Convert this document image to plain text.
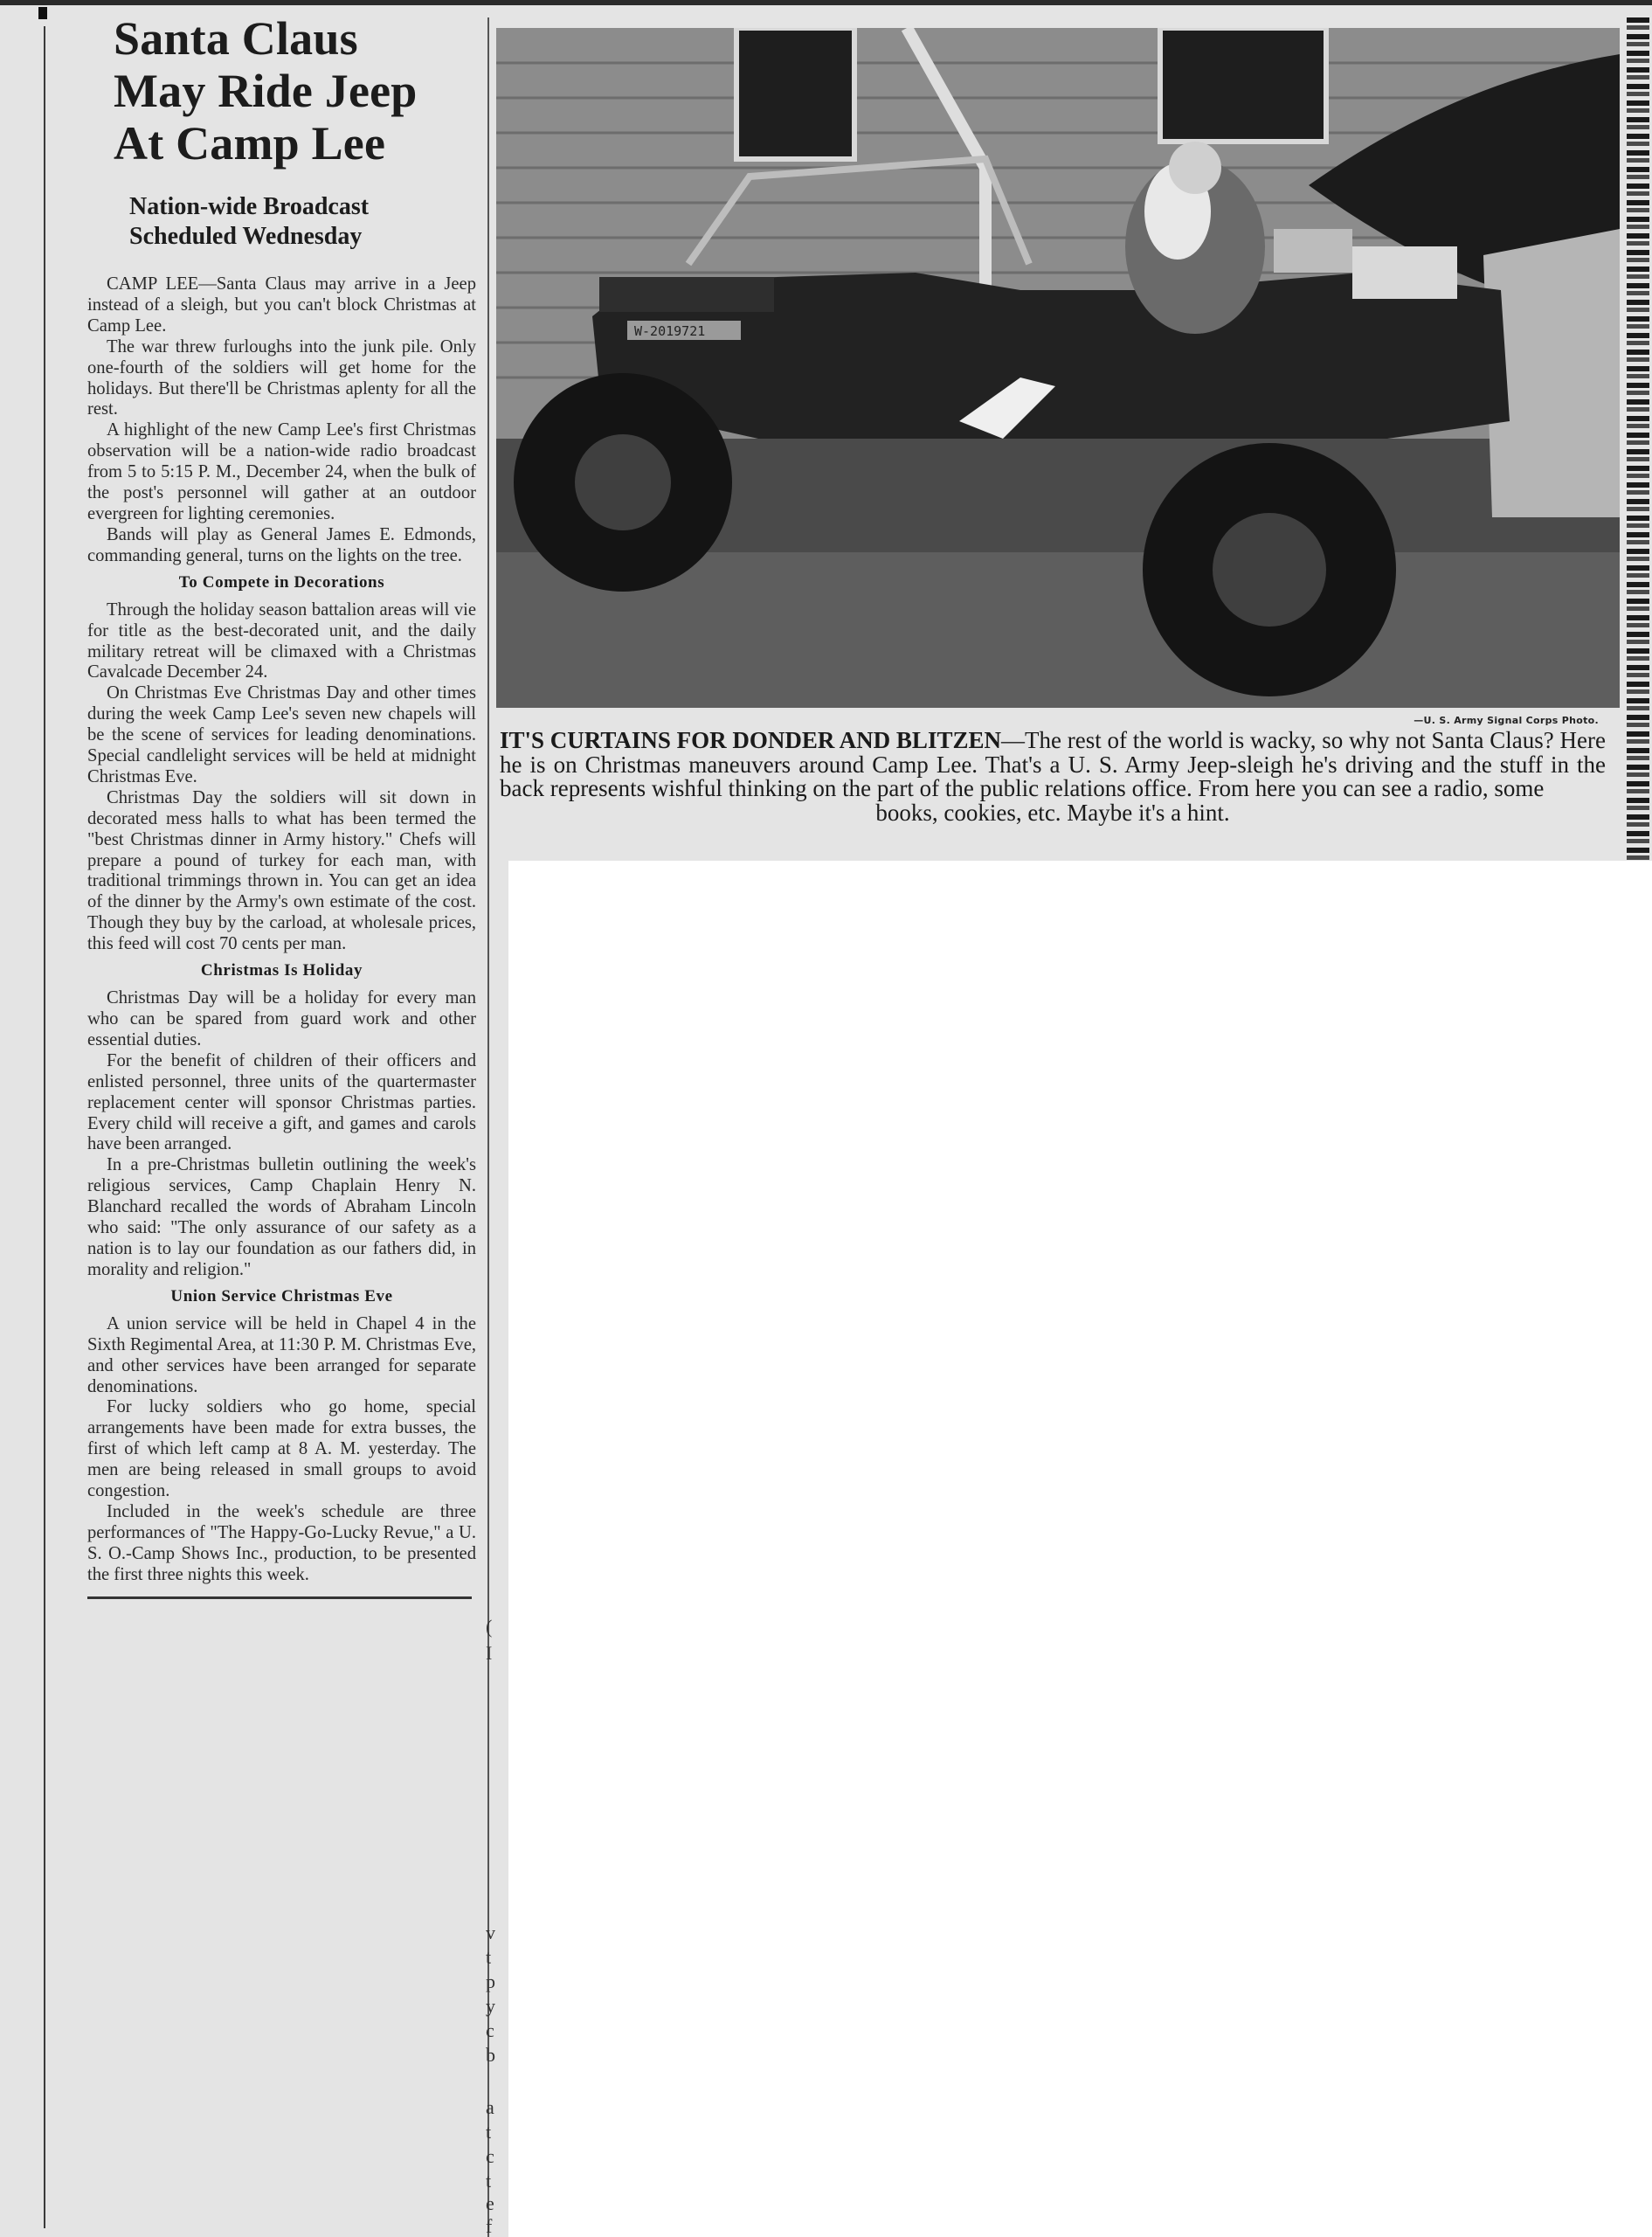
Santa Claus
May Ride Jeep
At Camp Lee
Nation-wide Broadcast
Scheduled Wednesday

CAMP LEE—Santa Claus may arrive in a Jeep instead of a sleigh, but you can't block Christmas at Camp Lee.

The war threw furloughs into the junk pile. Only one-fourth of the soldiers will get home for the holidays. But there'll be Christmas aplenty for all the rest.

A highlight of the new Camp Lee's first Christmas observation will be a nation-wide radio broadcast from 5 to 5:15 P. M., December 24, when the bulk of the post's personnel will gather at an outdoor evergreen for lighting ceremonies.

Bands will play as General James E. Edmonds, commanding general, turns on the lights on the tree.

To Compete in Decorations

Through the holiday season battalion areas will vie for title as the best-decorated unit, and the daily military retreat will be climaxed with a Christmas Cavalcade December 24.

On Christmas Eve Christmas Day and other times during the week Camp Lee's seven new chapels will be the scene of services for leading denominations. Special candlelight services will be held at midnight Christmas Eve.

Christmas Day the soldiers will sit down in decorated mess halls to what has been termed the "best Christmas dinner in Army history." Chefs will prepare a pound of turkey for each man, with traditional trimmings thrown in. You can get an idea of the dinner by the Army's own estimate of the cost. Though they buy by the carload, at wholesale prices, this feed will cost 70 cents per man.

Christmas Is Holiday

Christmas Day will be a holiday for every man who can be spared from guard work and other essential duties.

For the benefit of children of their officers and enlisted personnel, three units of the quartermaster replacement center will sponsor Christmas parties. Every child will receive a gift, and games and carols have been arranged.

In a pre-Christmas bulletin outlining the week's religious services, Camp Chaplain Henry N. Blanchard recalled the words of Abraham Lincoln who said: "The only assurance of our safety as a nation is to lay our foundation as our fathers did, in morality and religion."

Union Service Christmas Eve

A union service will be held in Chapel 4 in the Sixth Regimental Area, at 11:30 P. M. Christmas Eve, and other services have been arranged for separate denominations.

For lucky soldiers who go home, special arrangements have been made for extra busses, the first of which left camp at 8 A. M. yesterday. The men are being released in small groups to avoid congestion.

Included in the week's schedule are three performances of "The Happy-Go-Lucky Revue," a U. S. O.-Camp Shows Inc., production, to be presented the first three nights this week.

W-2019721
—U. S. Army Signal Corps Photo.
IT'S CURTAINS FOR DONDER AND BLITZEN—The rest of the world is wacky, so why not Santa Claus? Here he is on Christmas maneuvers around Camp Lee. That's a U. S. Army Jeep-sleigh he's driving and the stuff in the back represents wishful thinking on the part of the public relations office. From here you can see a radio, some
books, cookies, etc. Maybe it's a hint.
(
I
v
t
p
y
c
b
a
t
c
t
e
f
